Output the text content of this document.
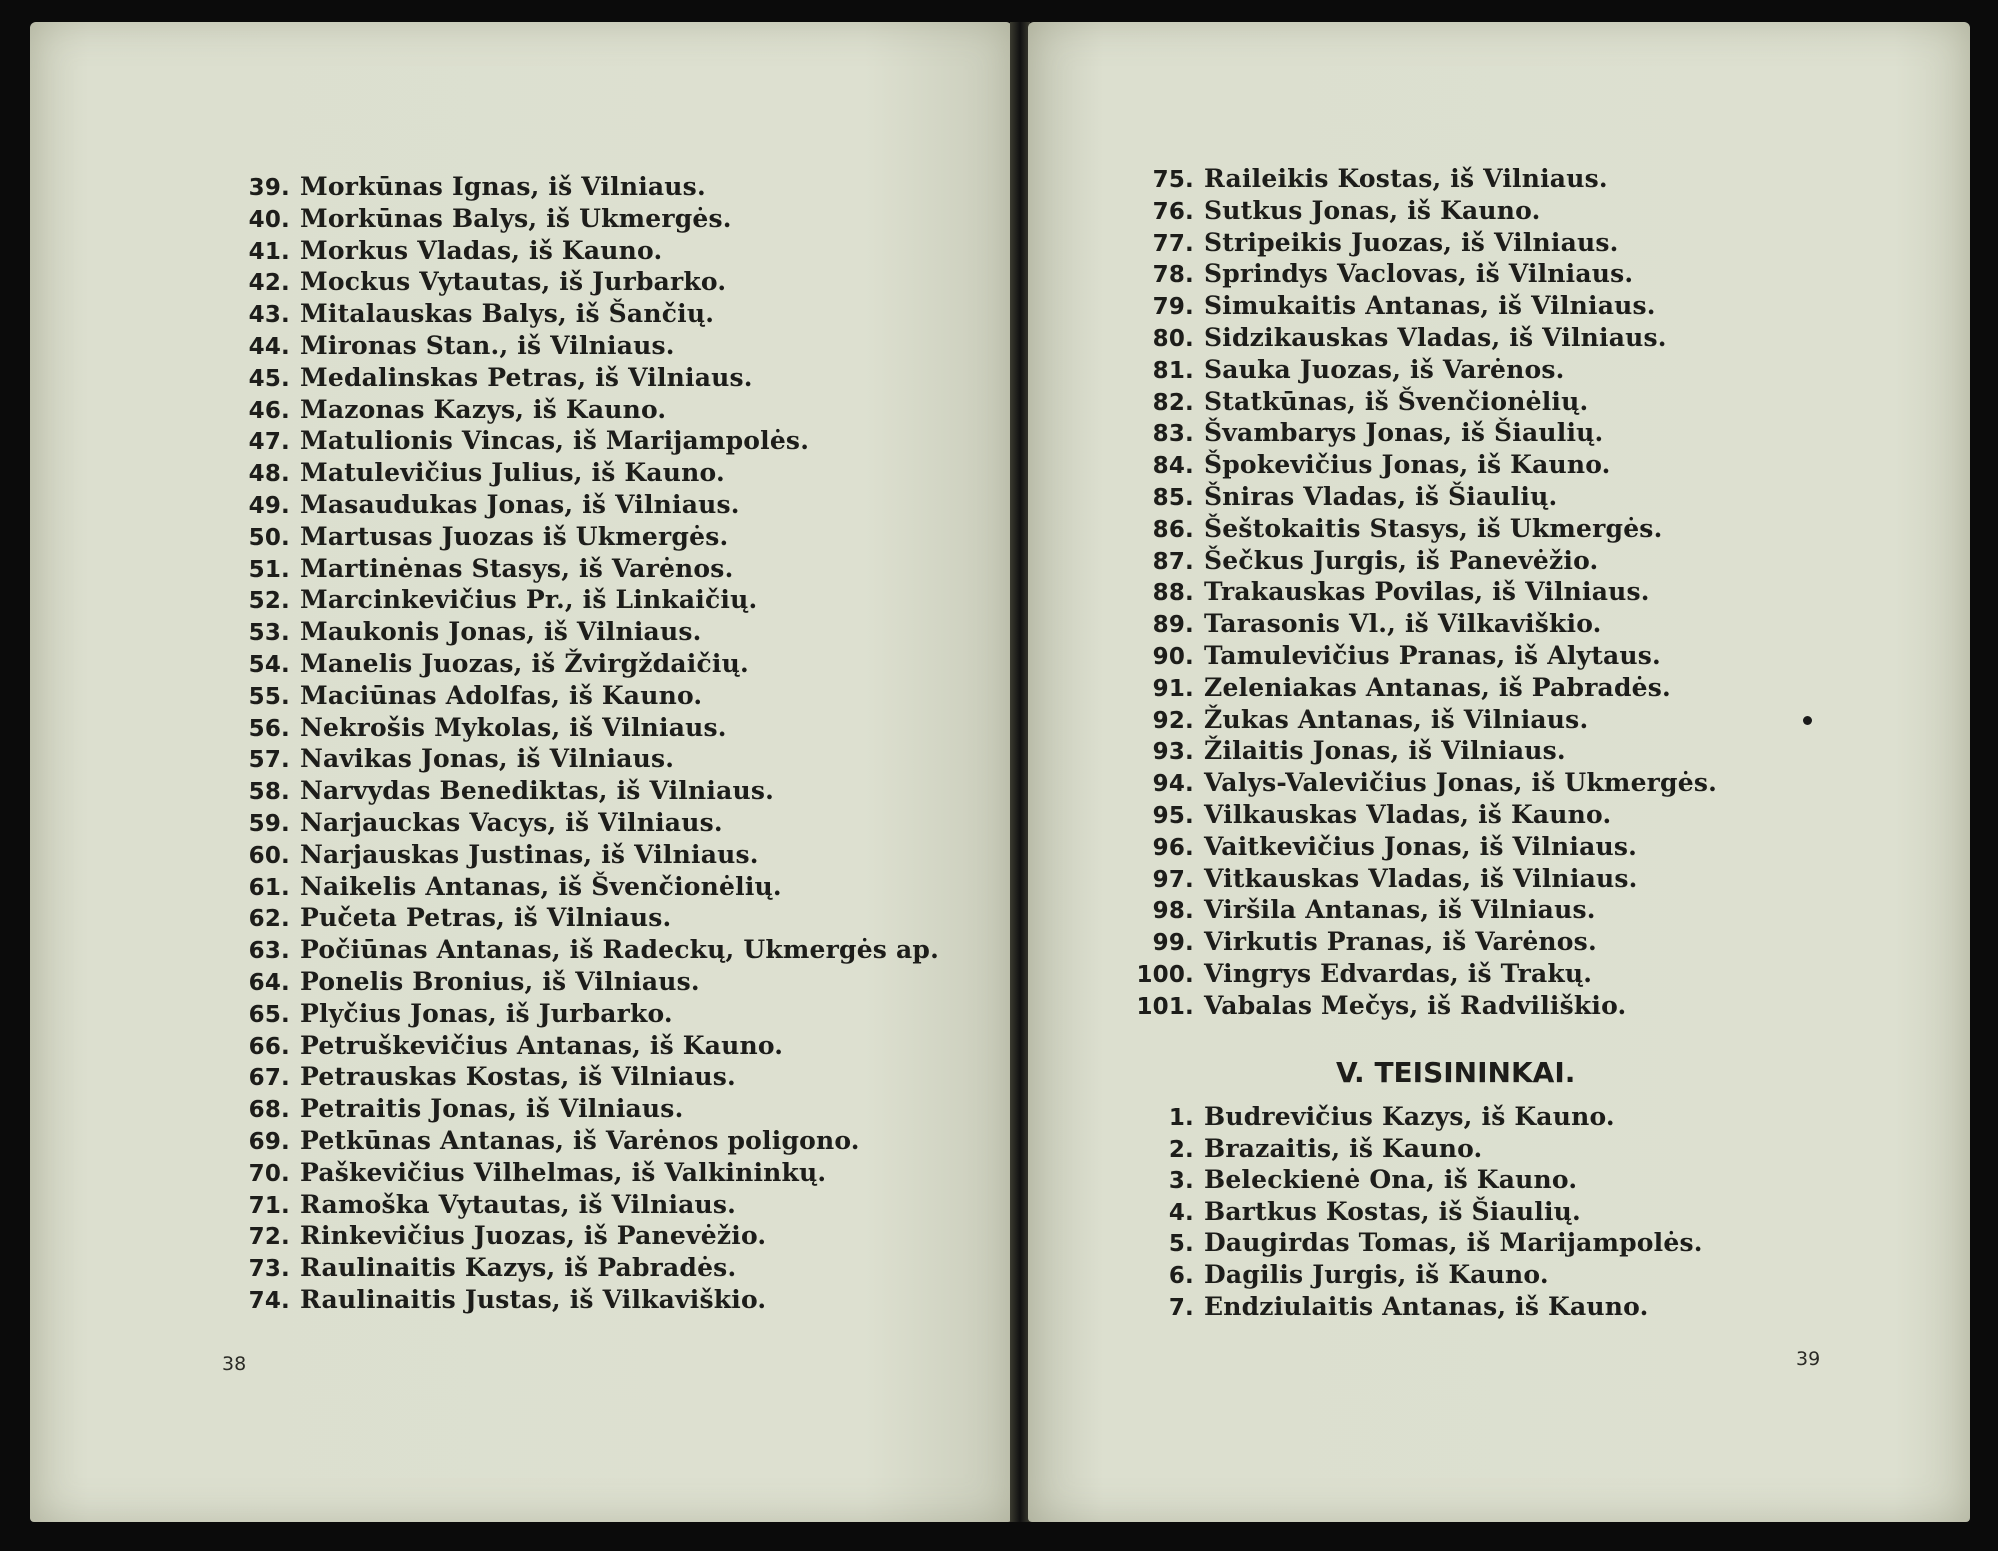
39. Morkūnas Ignas, iš Vilniaus.
40. Morkūnas Balys, iš Ukmergės.
41. Morkus Vladas, iš Kauno.
42. Mockus Vytautas, iš Jurbarko.
43. Mitalauskas Balys, iš Šančių.
44. Mironas Stan., iš Vilniaus.
45. Medalinskas Petras, iš Vilniaus.
46. Mazonas Kazys, iš Kauno.
47. Matulionis Vincas, iš Marijampolės.
48. Matulevičius Julius, iš Kauno.
49. Masaudukas Jonas, iš Vilniaus.
50. Martusas Juozas iš Ukmergės.
51. Martinėnas Stasys, iš Varėnos.
52. Marcinkevičius Pr., iš Linkaičių.
53. Maukonis Jonas, iš Vilniaus.
54. Manelis Juozas, iš Žvirgždaičių.
55. Maciūnas Adolfas, iš Kauno.
56. Nekrošis Mykolas, iš Vilniaus.
57. Navikas Jonas, iš Vilniaus.
58. Narvydas Benediktas, iš Vilniaus.
59. Narjauckas Vacys, iš Vilniaus.
60. Narjauskas Justinas, iš Vilniaus.
61. Naikelis Antanas, iš Švenčionėlių.
62. Pučeta Petras, iš Vilniaus.
63. Počiūnas Antanas, iš Radeckų, Ukmergės ap.
64. Ponelis Bronius, iš Vilniaus.
65. Plyčius Jonas, iš Jurbarko.
66. Petruškevičius Antanas, iš Kauno.
67. Petrauskas Kostas, iš Vilniaus.
68. Petraitis Jonas, iš Vilniaus.
69. Petkūnas Antanas, iš Varėnos poligono.
70. Paškevičius Vilhelmas, iš Valkininkų.
71. Ramoška Vytautas, iš Vilniaus.
72. Rinkevičius Juozas, iš Panevėžio.
73. Raulinaitis Kazys, iš Pabradės.
74. Raulinaitis Justas, iš Vilkaviškio.
75. Raileikis Kostas, iš Vilniaus.
76. Sutkus Jonas, iš Kauno.
77. Stripeikis Juozas, iš Vilniaus.
78. Sprindys Vaclovas, iš Vilniaus.
79. Simukaitis Antanas, iš Vilniaus.
80. Sidzikauskas Vladas, iš Vilniaus.
81. Sauka Juozas, iš Varėnos.
82. Statkūnas, iš Švenčionėlių.
83. Švambarys Jonas, iš Šiaulių.
84. Špokevičius Jonas, iš Kauno.
85. Šniras Vladas, iš Šiaulių.
86. Šeštokaitis Stasys, iš Ukmergės.
87. Šečkus Jurgis, iš Panevėžio.
88. Trakauskas Povilas, iš Vilniaus.
89. Tarasonis Vl., iš Vilkaviškio.
90. Tamulevičius Pranas, iš Alytaus.
91. Zeleniakas Antanas, iš Pabradės.
92. Žukas Antanas, iš Vilniaus.
93. Žilaitis Jonas, iš Vilniaus.
94. Valys-Valevičius Jonas, iš Ukmergės.
95. Vilkauskas Vladas, iš Kauno.
96. Vaitkevičius Jonas, iš Vilniaus.
97. Vitkauskas Vladas, iš Vilniaus.
98. Viršila Antanas, iš Vilniaus.
99. Virkutis Pranas, iš Varėnos.
100. Vingrys Edvardas, iš Trakų.
101. Vabalas Mečys, iš Radviliškio.
V. TEISININKAI.
1. Budrevičius Kazys, iš Kauno.
2. Brazaitis, iš Kauno.
3. Beleckienė Ona, iš Kauno.
4. Bartkus Kostas, iš Šiaulių.
5. Daugirdas Tomas, iš Marijampolės.
6. Dagilis Jurgis, iš Kauno.
7. Endziulaitis Antanas, iš Kauno.
38	39
